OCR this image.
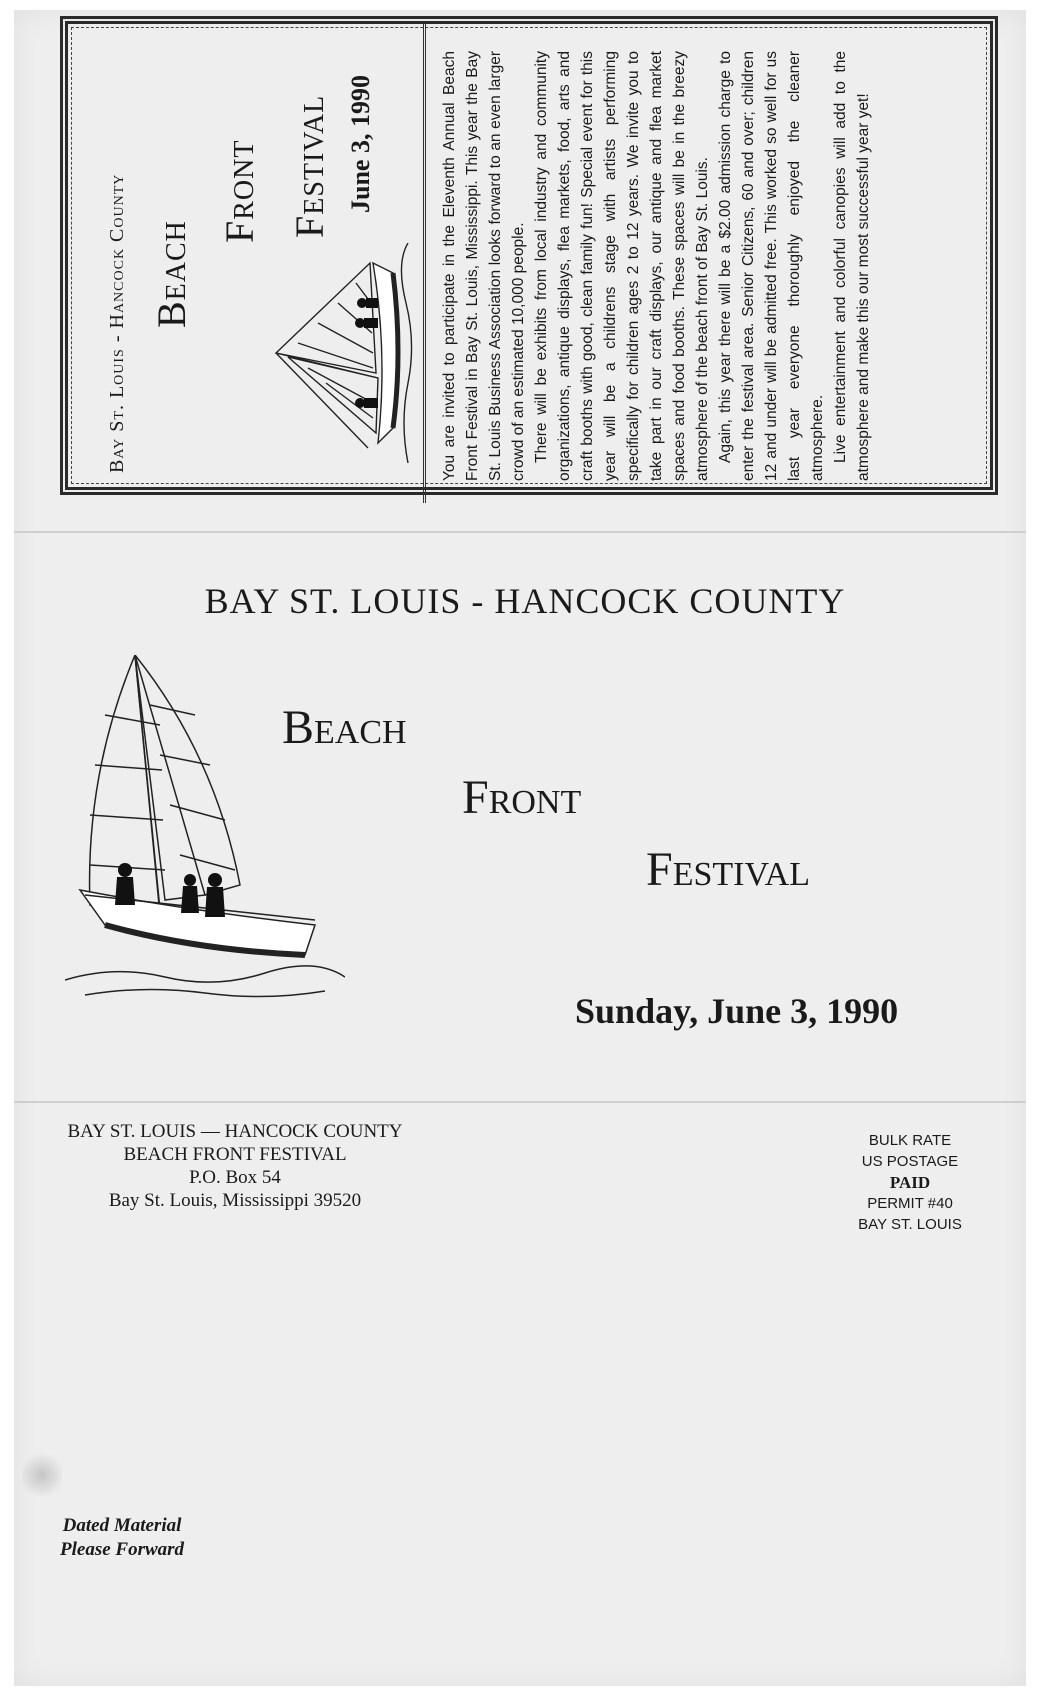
Bay St. Louis - Hancock County Beach
Front Festival June 3, 1990	You are invited to participate in the Eleventh Annual Beach Front Festival in Bay St. Louis, Mississippi. This year the Bay St. Louis Business Association looks forward to an even larger crowd of an estimated 10,000 people. There will be exhibits from local industry and community organizations, antique displays, flea markets, food, arts and craft booths with good, clean family fun! Special event for this year will be a childrens stage with artists performing specifically for children ages 2 to 12 years. We invite you to take part in our craft displays, our antique and flea market spaces and food booths. These spaces will be in the breezy atmosphere of the beach front of Bay St. Louis. Again, this year there will be a $2.00 admission charge to enter the festival area. Senior Citizens, 60 and over; children 12 and under will be admitted free. This worked so well for us last year everyone thoroughly enjoyed the cleaner atmosphere. Live entertainment and colorful canopies will add to the atmosphere and make this our most successful year yet!

BAY ST. LOUIS - HANCOCK COUNTY
Beach
Front
Festival
Sunday, June 3, 1990
BAY ST. LOUIS — HANCOCK COUNTY
BEACH FRONT FESTIVAL
P.O. Box 54
Bay St. Louis, Mississippi 39520
BULK RATE
US POSTAGE
PAID
PERMIT #40
BAY ST. LOUIS
Dated Material
Please Forward
